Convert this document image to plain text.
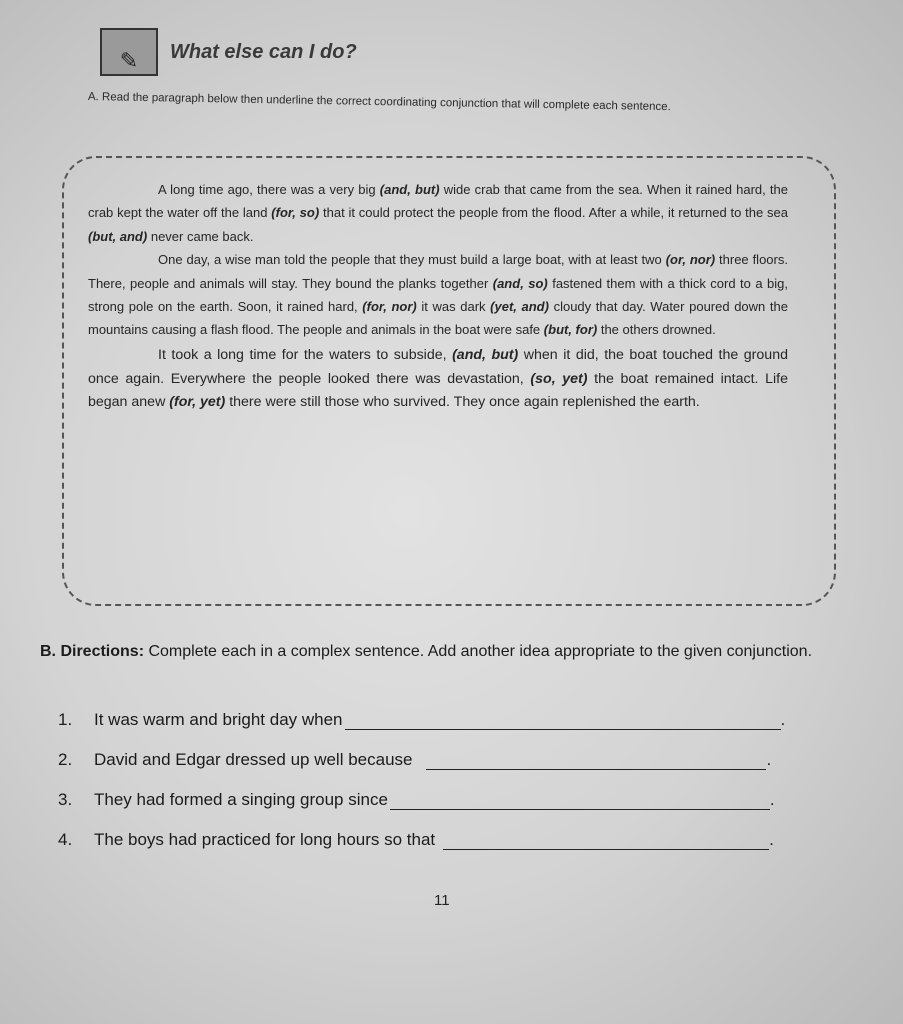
✎ What else can I do?
A. Read the paragraph below then underline the correct coordinating conjunction that will complete each sentence.

A long time ago, there was a very big (and, but) wide crab that came from the sea. When it rained hard, the crab kept the water off the land (for, so) that it could protect the people from the flood. After a while, it returned to the sea (but, and) never came back.

One day, a wise man told the people that they must build a large boat, with at least two (or, nor) three floors. There, people and animals will stay. They bound the planks together (and, so) fastened them with a thick cord to a big, strong pole on the earth. Soon, it rained hard, (for, nor) it was dark (yet, and) cloudy that day. Water poured down the mountains causing a flash flood. The people and animals in the boat were safe (but, for) the others drowned.

It took a long time for the waters to subside, (and, but) when it did, the boat touched the ground once again. Everywhere the people looked there was devastation, (so, yet) the boat remained intact. Life began anew (for, yet) there were still those who survived. They once again replenished the earth.

B. Directions: Complete each in a complex sentence. Add another idea appropriate to the given conjunction.
1.	It was warm and bright day when	.
2.	David and Edgar dressed up well because	.
3.	They had formed a singing group since	.
4.	The boys had practiced for long hours so that	.
11
